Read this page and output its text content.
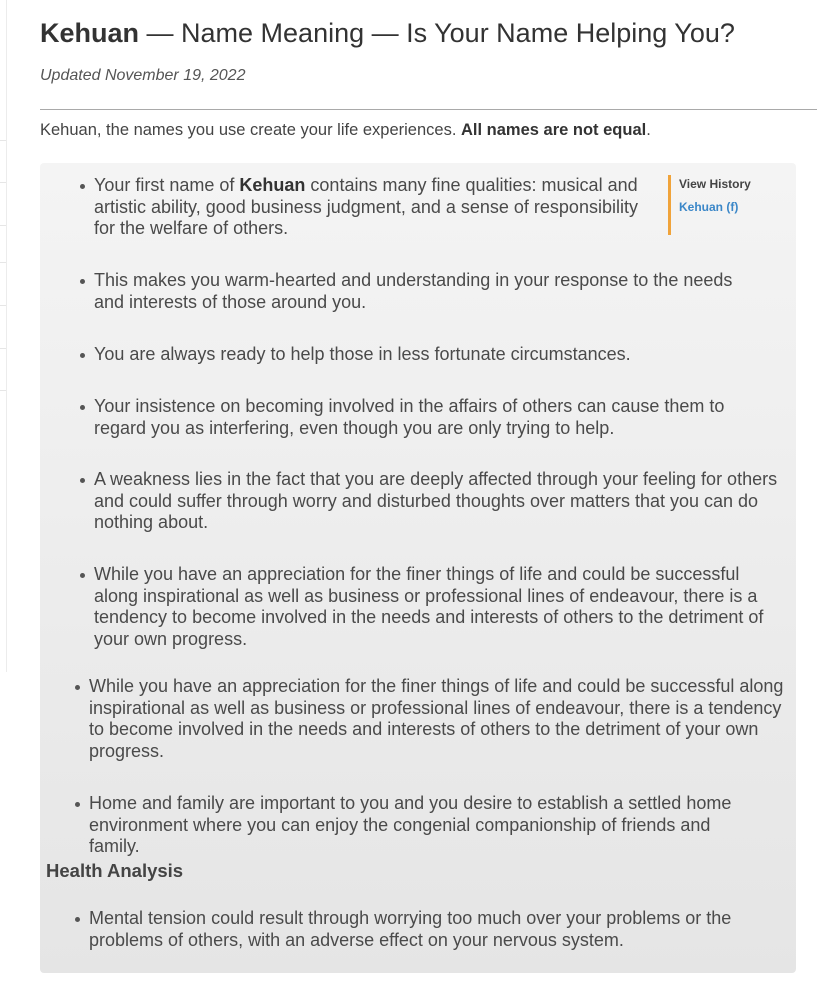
Kehuan — Name Meaning — Is Your Name Helping You?
Updated November 19, 2022
Kehuan, the names you use create your life experiences. All names are not equal.
View History
Kehuan (f)
Your first name of Kehuan contains many fine qualities: musical and artistic ability, good business judgment, and a sense of responsibility for the welfare of others.
This makes you warm-hearted and understanding in your response to the needs and interests of those around you.
You are always ready to help those in less fortunate circumstances.
Your insistence on becoming involved in the affairs of others can cause them to regard you as interfering, even though you are only trying to help.
A weakness lies in the fact that you are deeply affected through your feeling for others and could suffer through worry and disturbed thoughts over matters that you can do nothing about.
While you have an appreciation for the finer things of life and could be successful along inspirational as well as business or professional lines of endeavour, there is a tendency to become involved in the needs and interests of others to the detriment of your own progress.
While you have an appreciation for the finer things of life and could be successful along inspirational as well as business or professional lines of endeavour, there is a tendency to become involved in the needs and interests of others to the detriment of your own progress.
Home and family are important to you and you desire to establish a settled home environment where you can enjoy the congenial companionship of friends and family.
Health Analysis
Mental tension could result through worrying too much over your problems or the problems of others, with an adverse effect on your nervous system.
